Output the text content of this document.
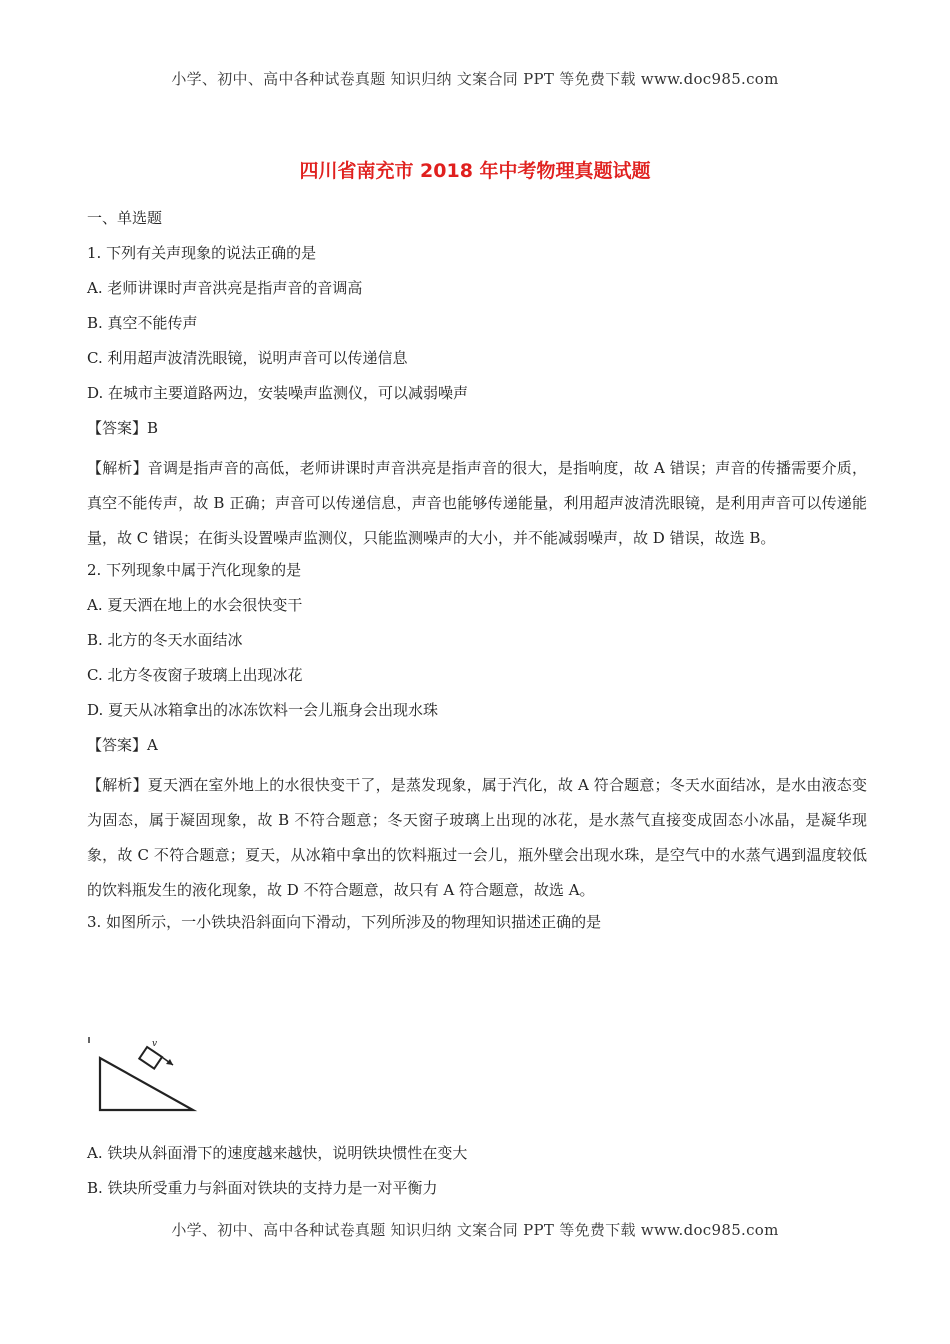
小学、初中、高中各种试卷真题 知识归纳 文案合同 PPT 等免费下载 www.doc985.com
四川省南充市 2018 年中考物理真题试题
一、单选题
1. 下列有关声现象的说法正确的是
A. 老师讲课时声音洪亮是指声音的音调高
B. 真空不能传声
C. 利用超声波清洗眼镜，说明声音可以传递信息
D. 在城市主要道路两边，安装噪声监测仪，可以减弱噪声
【答案】B
【解析】音调是指声音的高低，老师讲课时声音洪亮是指声音的很大，是指响度，故 A 错误；声音的传播需要介质，真空不能传声，故 B 正确；声音可以传递信息，声音也能够传递能量，利用超声波清洗眼镜，是利用声音可以传递能量，故 C 错误；在街头设置噪声监测仪，只能监测噪声的大小，并不能减弱噪声，故 D 错误，故选 B。
2. 下列现象中属于汽化现象的是
A. 夏天洒在地上的水会很快变干
B. 北方的冬天水面结冰
C. 北方冬夜窗子玻璃上出现冰花
D. 夏天从冰箱拿出的冰冻饮料一会儿瓶身会出现水珠
【答案】A
【解析】夏天洒在室外地上的水很快变干了，是蒸发现象，属于汽化，故 A 符合题意；冬天水面结冰，是水由液态变为固态，属于凝固现象，故 B 不符合题意；冬天窗子玻璃上出现的冰花，是水蒸气直接变成固态小冰晶，是凝华现象，故 C 不符合题意；夏天，从冰箱中拿出的饮料瓶过一会儿，瓶外壁会出现水珠，是空气中的水蒸气遇到温度较低的饮料瓶发生的液化现象，故 D 不符合题意，故只有 A 符合题意，故选 A。
3. 如图所示，一小铁块沿斜面向下滑动，下列所涉及的物理知识描述正确的是
v
A. 铁块从斜面滑下的速度越来越快，说明铁块惯性在变大
B. 铁块所受重力与斜面对铁块的支持力是一对平衡力
小学、初中、高中各种试卷真题 知识归纳 文案合同 PPT 等免费下载 www.doc985.com
